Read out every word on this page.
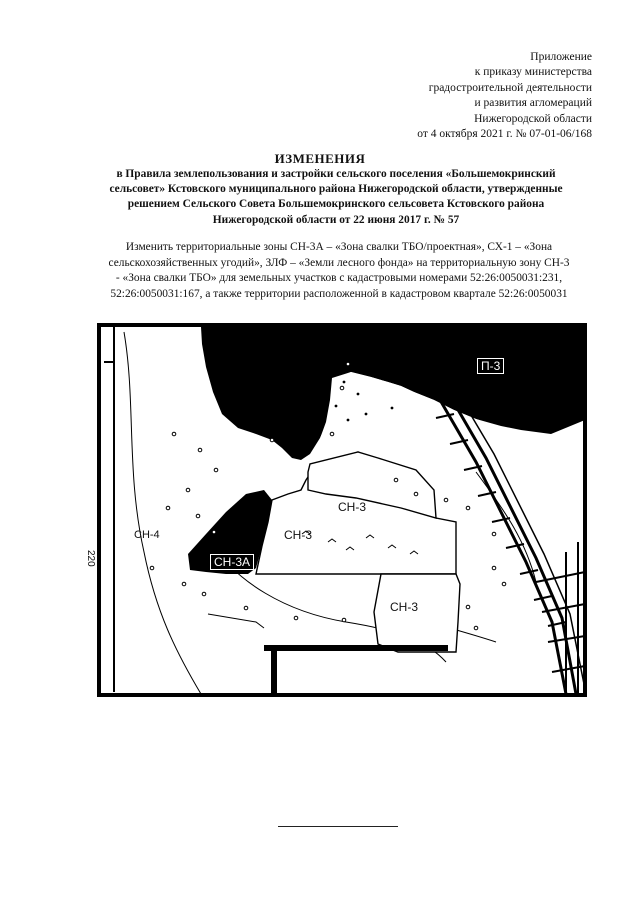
Приложение
к приказу министерства
градостроительной деятельности
и развития агломераций
Нижегородской области
от 4 октября 2021 г. № 07-01-06/168
ИЗМЕНЕНИЯ
в Правила землепользования и застройки сельского поселения «Большемокринский
сельсовет» Кстовского муниципального района Нижегородской области, утвержденные
решением Сельского Совета Большемокринского сельсовета Кстовского района
Нижегородской области от 22 июня 2017 г. № 57
Изменить территориальные зоны СН-3А – «Зона свалки ТБО/проектная», СХ-1 – «Зона
сельскохозяйственных угодий», ЗЛФ – «Земли лесного фонда» на территориальную зону СН-3
- «Зона свалки ТБО» для земельных участков с кадастровыми номерами 52:26:0050031:231,
52:26:0050031:167, а также территории расположенной в кадастровом квартале 52:26:0050031
П-3
СН-4
СН-3А
СН-3
СН-3
СН-3
220
